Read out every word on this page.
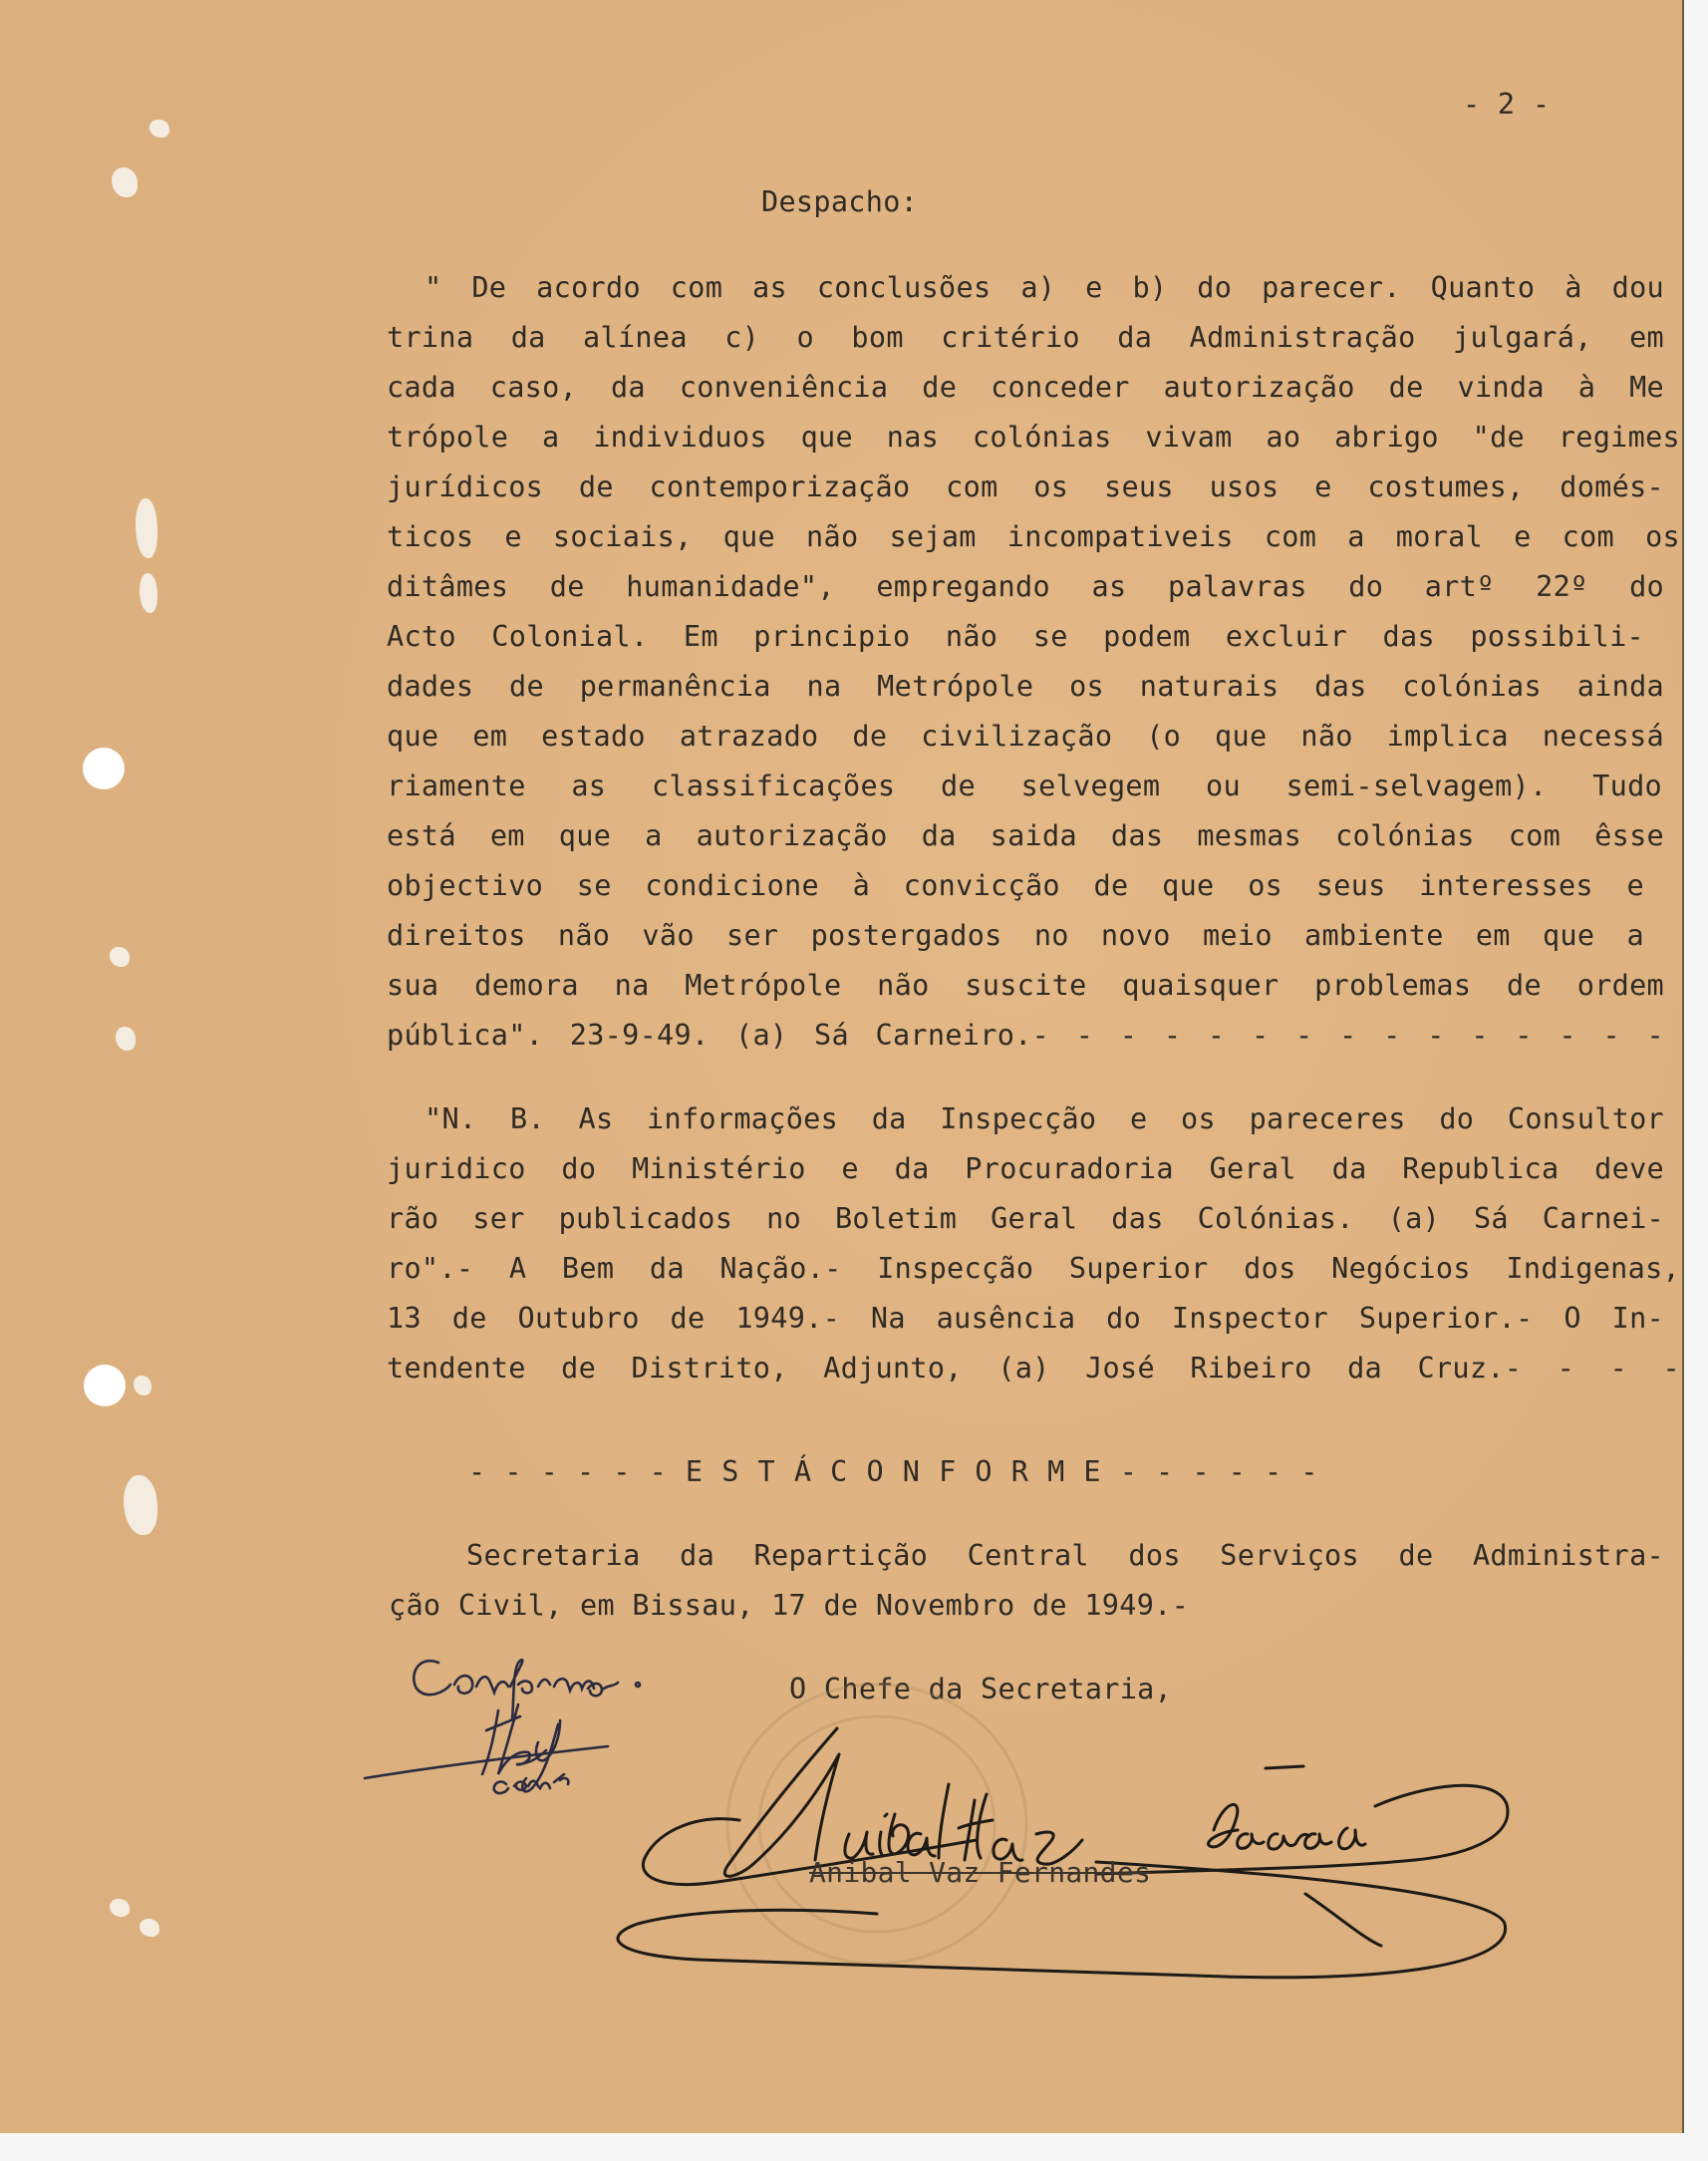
- 2 -

Despacho:

" De acordo com as conclusões a) e b) do parecer. Quanto à dou

trina da alínea c) o bom critério da Administração julgará, em

cada caso, da conveniência de conceder autorização de vinda à Me

trópole a individuos que nas colónias vivam ao abrigo "de regimes

jurídicos de contemporização com os seus usos e costumes, domés-

ticos e sociais, que não sejam incompativeis com a moral e com os

ditâmes de humanidade", empregando as palavras do artº 22º do

Acto Colonial. Em principio não se podem excluir das possibili-

dades de permanência na Metrópole os naturais das colónias ainda

que em estado atrazado de civilização (o que não implica necessá

riamente as classificações de selvegem ou semi-selvagem). Tudo

está em que a autorização da saida das mesmas colónias com êsse

objectivo se condicione à convicção de que os seus interesses e

direitos não vão ser postergados no novo meio ambiente em que a

sua demora na Metrópole não suscite quaisquer problemas de ordem

pública". 23-9-49. (a) Sá Carneiro.- - - - - - - - - - - - - - -

"N. B. As informações da Inspecção e os pareceres do Consultor

juridico do Ministério e da Procuradoria Geral da Republica deve

rão ser publicados no Boletim Geral das Colónias. (a) Sá Carnei-

ro".- A Bem da Nação.- Inspecção Superior dos Negócios Indigenas,

13 de Outubro de 1949.- Na ausência do Inspector Superior.- O In-

tendente de Distrito, Adjunto, (a) José Ribeiro da Cruz.- - - -

- - - - - - E S T Á C O N F O R M E - - - - - -

Secretaria da Repartição Central dos Serviços de Administra-

ção Civil, em Bissau, 17 de Novembro de 1949.-

O Chefe da Secretaria,

Anibal Vaz Fernandes
